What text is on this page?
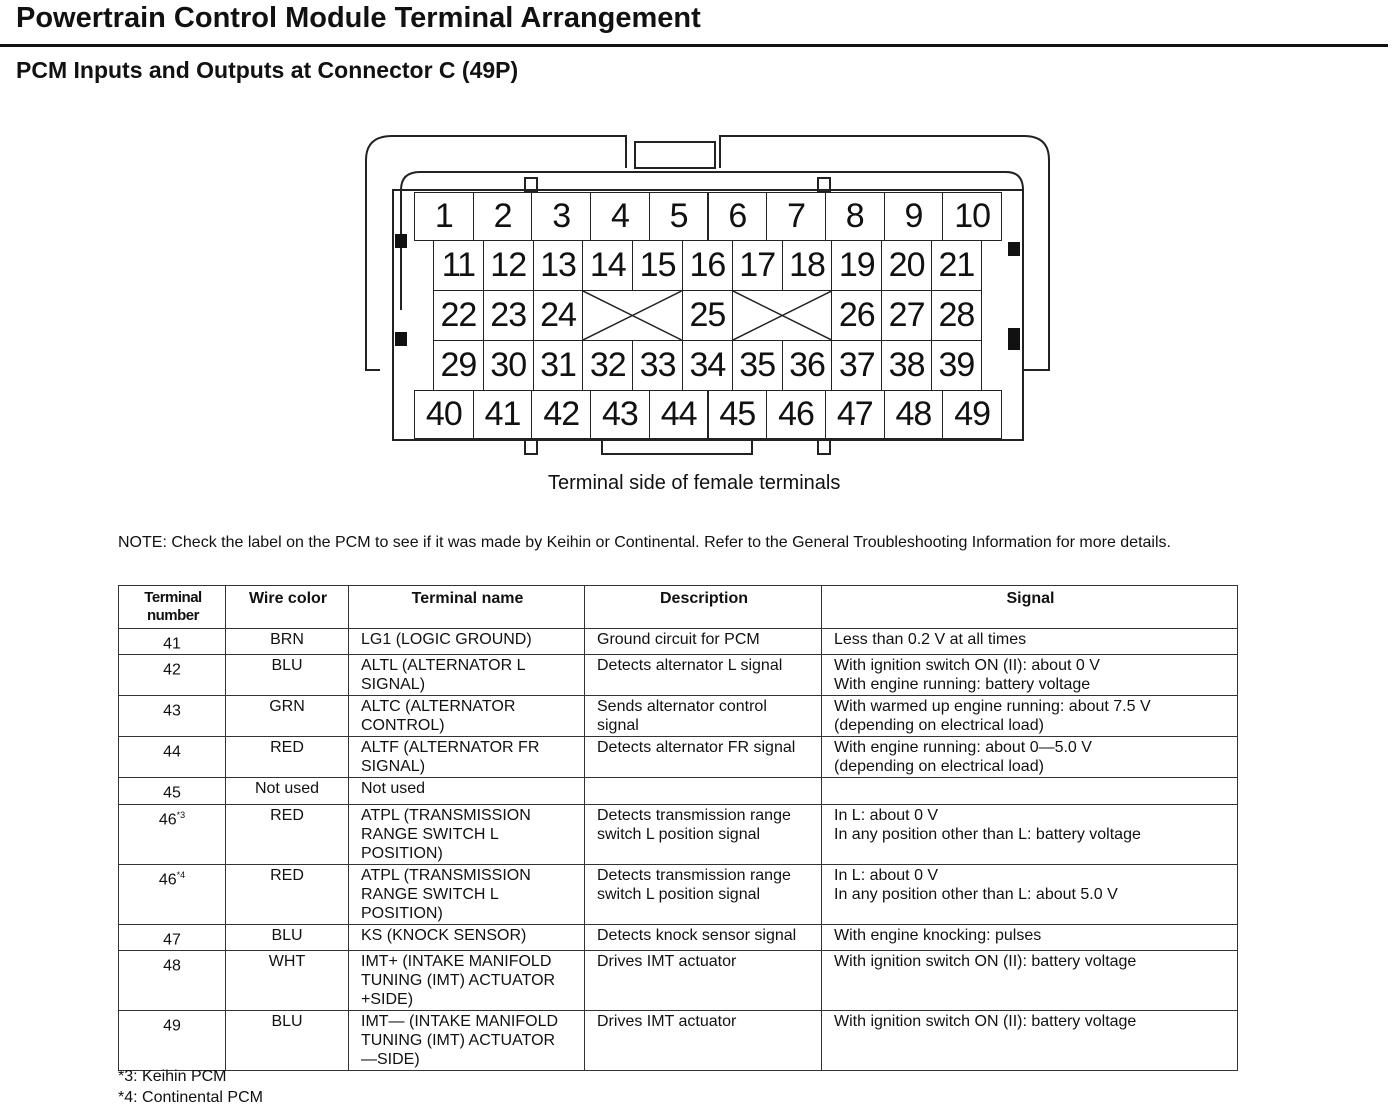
Powertrain Control Module Terminal Arrangement
PCM Inputs and Outputs at Connector C (49P)
1	2	3	4	5	6	7	8	9 10
11 12 13 14 15 16 17 18 19 20 21
22 23 24	25	26 27 28
29 30 31 32 33 34 35 36 37 38 39
40 41 42 43 44 45 46 47 48 49
Terminal side of female terminals
NOTE: Check the label on the PCM to see if it was made by Keihin or Continental. Refer to the General Troubleshooting Information for more details.
Terminal number	Wire color	Terminal name	Description	Signal
41	BRN	LG1 (LOGIC GROUND)	Ground circuit for PCM	Less than 0.2 V at all times
42	BLU	ALTL (ALTERNATOR L SIGNAL)	Detects alternator L signal	With ignition switch ON (II): about 0 V
With engine running: battery voltage
43	GRN	ALTC (ALTERNATOR CONTROL)	Sends alternator control signal	With warmed up engine running: about 7.5 V
(depending on electrical load)
44	RED	ALTF (ALTERNATOR FR SIGNAL)	Detects alternator FR signal	With engine running: about 0—5.0 V
(depending on electrical load)
45	Not used	Not used		
46$^{*3}$	RED	ATPL (TRANSMISSION RANGE SWITCH L POSITION)	Detects transmission range switch L position signal	In L: about 0 V
In any position other than L: battery voltage
46$^{*4}$	RED	ATPL (TRANSMISSION RANGE SWITCH L POSITION)	Detects transmission range switch L position signal	In L: about 0 V
In any position other than L: about 5.0 V
47	BLU	KS (KNOCK SENSOR)	Detects knock sensor signal	With engine knocking: pulses
48	WHT	IMT+ (INTAKE MANIFOLD TUNING (IMT) ACTUATOR +SIDE)	Drives IMT actuator	With ignition switch ON (II): battery voltage
49	BLU	IMT— (INTAKE MANIFOLD TUNING (IMT) ACTUATOR —SIDE)	Drives IMT actuator	With ignition switch ON (II): battery voltage
*3: Keihin PCM
*4: Continental PCM
